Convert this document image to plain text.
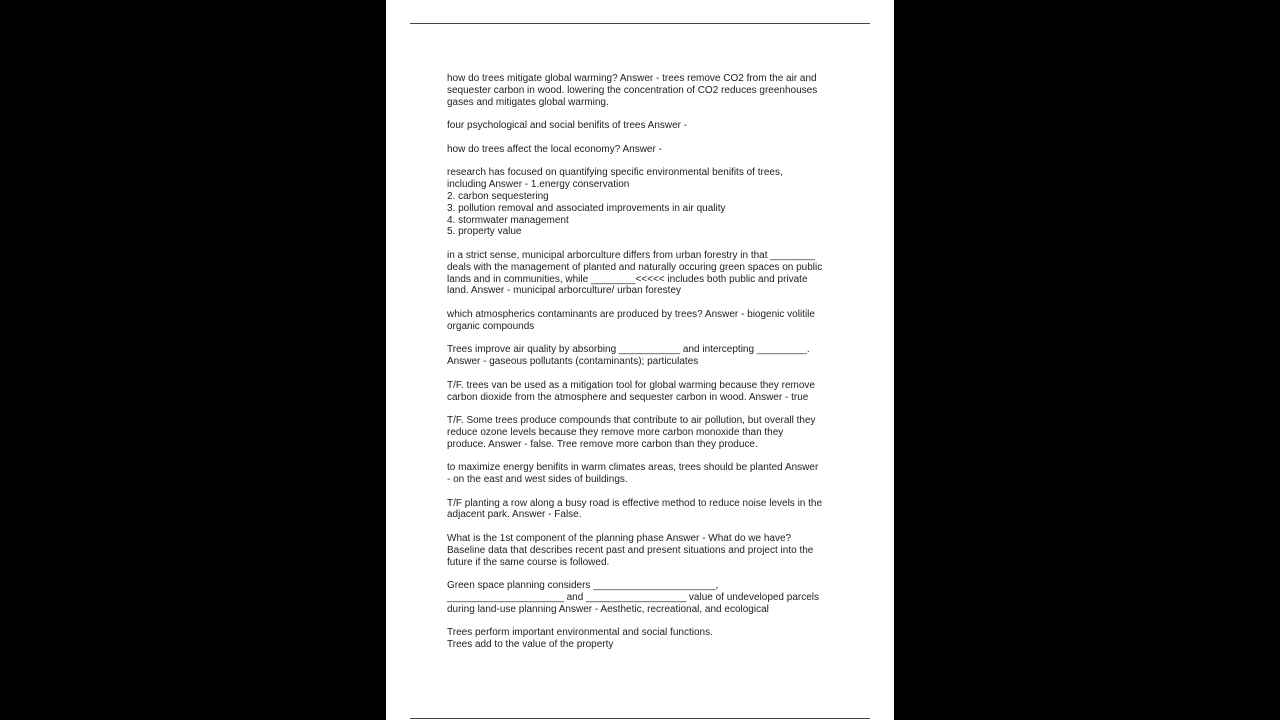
how do trees mitigate global warming? Answer - trees remove CO2 from the air and
sequester carbon in wood. lowering the concentration of CO2 reduces greenhouses
gases and mitigates global warming.

four psychological and social benifits of trees Answer -

how do trees affect the local economy? Answer -

research has focused on quantifying specific environmental benifits of trees,
including Answer - 1.energy conservation
2. carbon sequestering
3. pollution removal and associated improvements in air quality
4. stormwater management
5. property value

in a strict sense, municipal arborculture differs from urban forestry in that ________
deals with the management of planted and naturally occuring green spaces on public
lands and in communities, while ________<<<<< includes both public and private
land. Answer - municipal arborculture/ urban forestey

which atmospherics contaminants are produced by trees? Answer - biogenic volitile
organic compounds

Trees improve air quality by absorbing ___________ and intercepting _________.
Answer - gaseous pollutants (contaminants); particulates

T/F. trees van be used as a mitigation tool for global warming because they remove
carbon dioxide from the atmosphere and sequester carbon in wood. Answer - true

T/F. Some trees produce compounds that contribute to air pollution, but overall they
reduce ozone levels because they remove more carbon monoxide than they
produce. Answer - false. Tree remove more carbon than they produce.

to maximize energy benifits in warm climates areas, trees should be planted Answer
- on the east and west sides of buildings.

T/F planting a row along a busy road is effective method to reduce noise levels in the
adjacent park. Answer - False.

What is the 1st component of the planning phase Answer - What do we have?
Baseline data that describes recent past and present situations and project into the
future if the same course is followed.

Green space planning considers ______________________,
_____________________ and __________________ value of undeveloped parcels
during land-use planning Answer - Aesthetic, recreational, and ecological

Trees perform important environmental and social functions.
Trees add to the value of the property
